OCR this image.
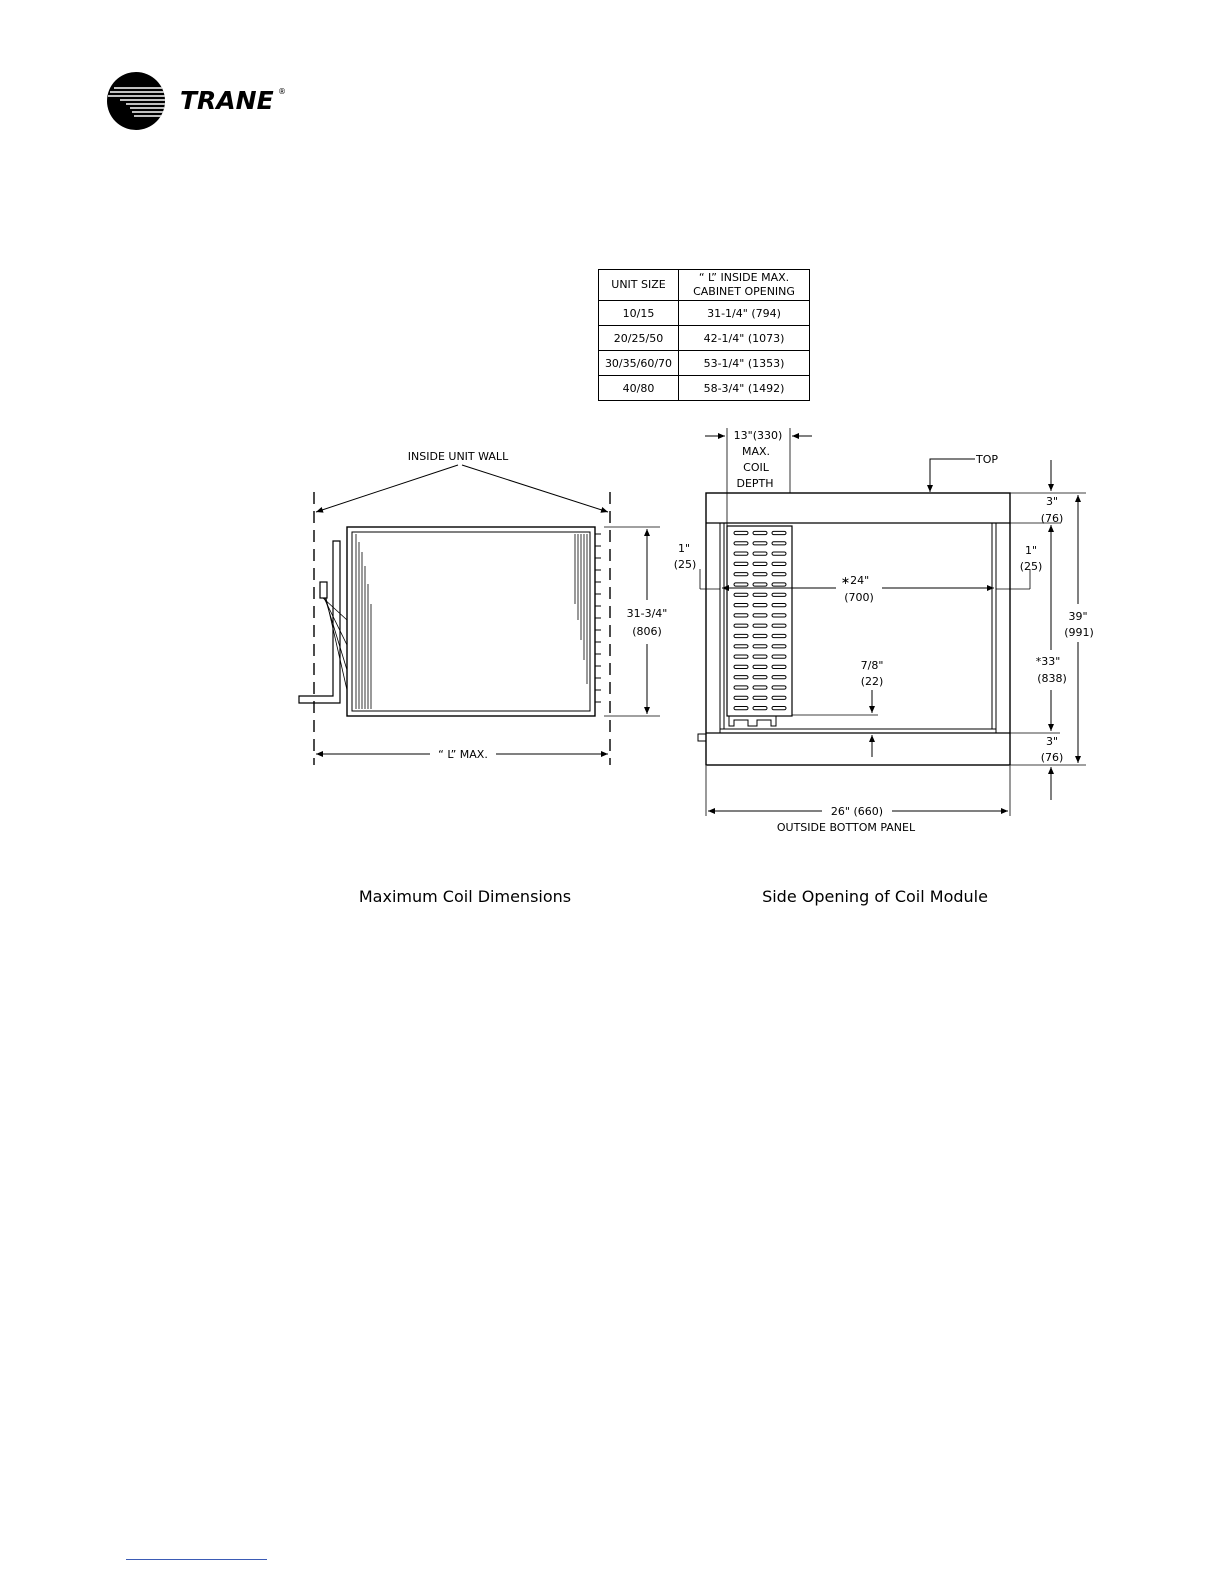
TRANE ®
UNIT SIZE	“ L” INSIDE MAX.
CABINET OPENING

10/15	31-1/4" (794)
20/25/50	42-1/4" (1073)
30/35/60/70	53-1/4" (1353)
40/80	58-3/4" (1492)
INSIDE UNIT WALL
31-3/4"
(806)
“ L” MAX.
Maximum Coil Dimensions
13"(330)
MAX.
COIL
DEPTH
TOP
1"
(25)
1"
(25)
∗24"
(700)
7/8"
(22)
3"
(76)
39"
(991)
*33"
(838)
3"
(76)
26" (660)
OUTSIDE BOTTOM PANEL
Side Opening of Coil Module
